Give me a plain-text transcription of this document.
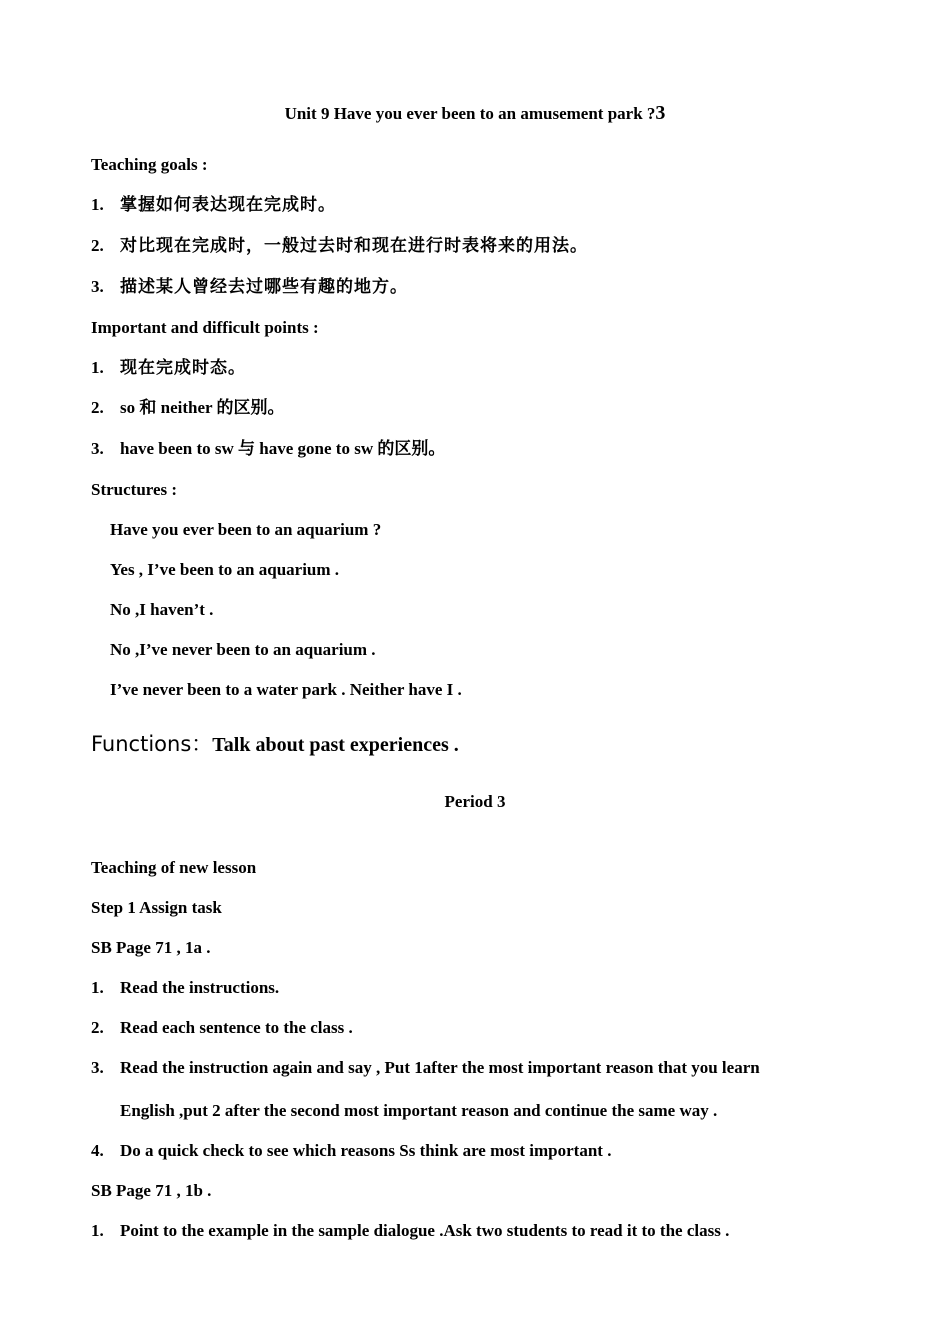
Unit 9 Have you ever been to an amusement park ?3
Teaching goals :
1. 掌握如何表达现在完成时。
2. 对比现在完成时，一般过去时和现在进行时表将来的用法。
3. 描述某人曾经去过哪些有趣的地方。
Important and difficult points :
1. 现在完成时态。
2. so 和 neither 的区别。
3. have been to sw 与 have gone to sw 的区别。
Structures :
Have you ever been to an aquarium ?
Yes , I’ve been to an aquarium .
No ,I haven’t .
No ,I’ve never been to an aquarium .
I’ve never been to a water park . Neither have I .
Functions：Talk about past experiences .
Period 3
Teaching of new lesson
Step 1 Assign task
SB Page 71 , 1a .
1. Read the instructions.
2. Read each sentence to the class .
3. Read the instruction again and say , Put 1after the most important reason that you learn
English ,put 2 after the second most important reason and continue the same way .
4. Do a quick check to see which reasons Ss think are most important .
SB Page 71 , 1b .
1. Point to the example in the sample dialogue .Ask two students to read it to the class .
